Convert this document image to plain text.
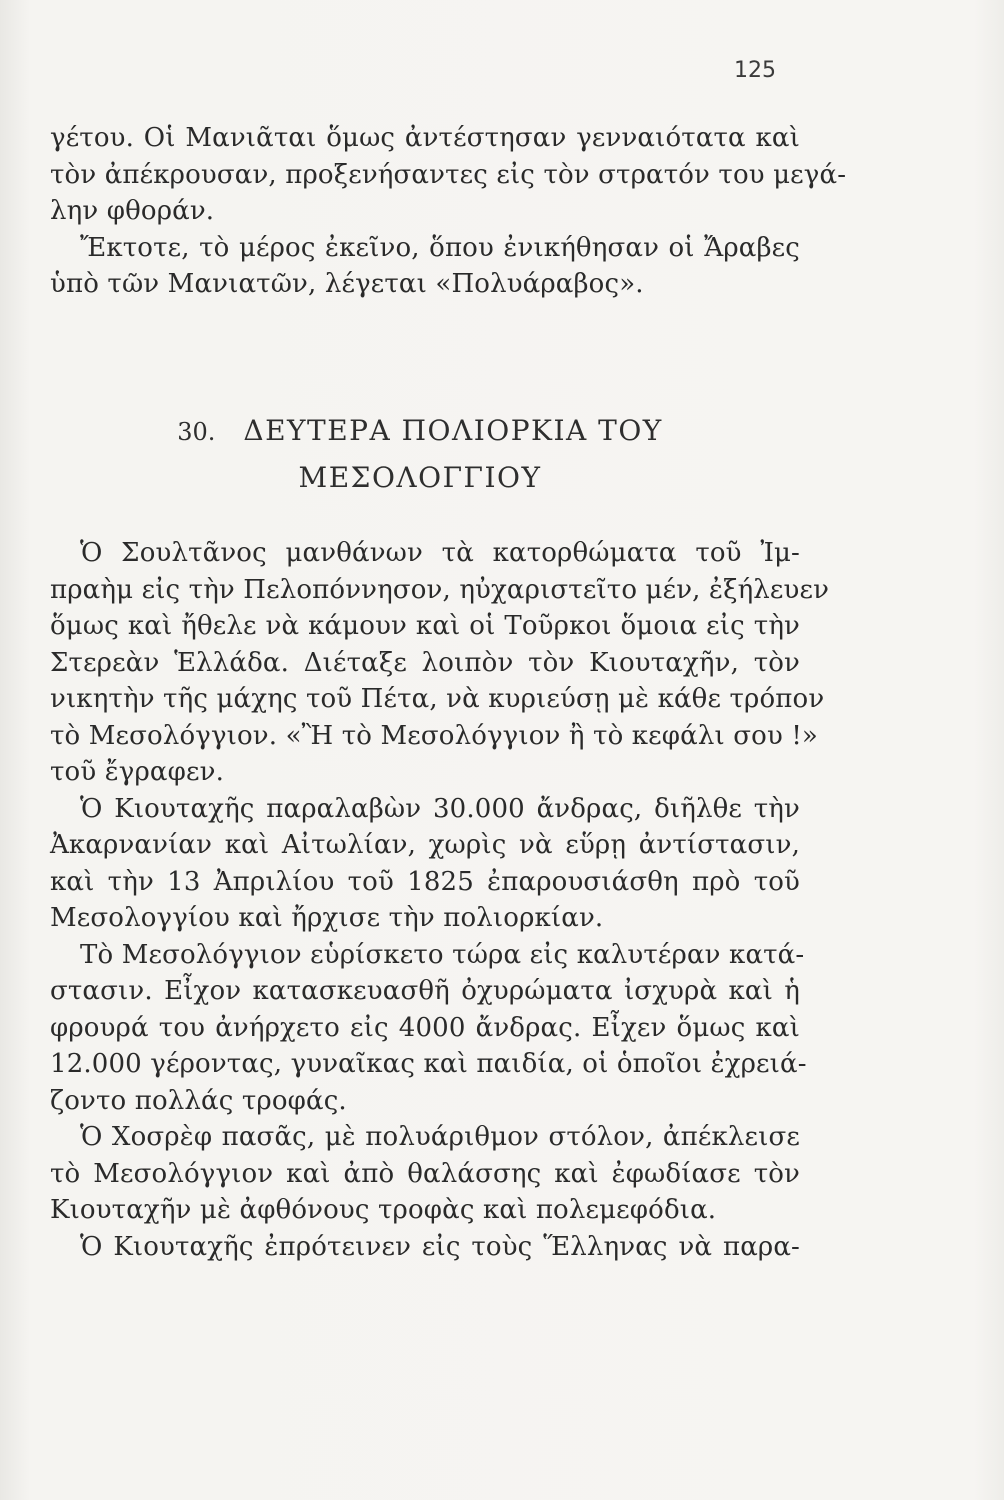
125
γέτου. Οἱ Μανιᾶται ὅμως ἀντέστησαν γενναιότατα καὶ
τὸν ἀπέκρουσαν, προξενήσαντες εἰς τὸν στρατόν του μεγά-
λην φθοράν.
Ἔκτοτε, τὸ μέρος ἐκεῖνο, ὅπου ἐνικήθησαν οἱ Ἄραβες
ὑπὸ τῶν Μανιατῶν, λέγεται «Πολυάραβος».
30. ΔΕΥΤΕΡΑ ΠΟΛΙΟΡΚΙΑ ΤΟΥ
ΜΕΣΟΛΟΓΓΙΟΥ
Ὁ Σουλτᾶνος μανθάνων τὰ κατορθώματα τοῦ Ἰμ-
πραὴμ εἰς τὴν Πελοπόννησον, ηὐχαριστεῖτο μέν, ἐξήλευεν
ὅμως καὶ ἤθελε νὰ κάμουν καὶ οἱ Τοῦρκοι ὅμοια εἰς τὴν
Στερεὰν Ἑλλάδα. Διέταξε λοιπὸν τὸν Κιουταχῆν, τὸν
νικητὴν τῆς μάχης τοῦ Πέτα, νὰ κυριεύσῃ μὲ κάθε τρόπον
τὸ Μεσολόγγιον. «Ἢ τὸ Μεσολόγγιον ἢ τὸ κεφάλι σου !»
τοῦ ἔγραφεν.
Ὁ Κιουταχῆς παραλαβὼν 30.000 ἄνδρας, διῆλθε τὴν
Ἀκαρνανίαν καὶ Αἰτωλίαν, χωρὶς νὰ εὕρῃ ἀντίστασιν,
καὶ τὴν 13 Ἀπριλίου τοῦ 1825 ἐπαρουσιάσθη πρὸ τοῦ
Μεσολογγίου καὶ ἤρχισε τὴν πολιορκίαν.
Τὸ Μεσολόγγιον εὑρίσκετο τώρα εἰς καλυτέραν κατά-
στασιν. Εἶχον κατασκευασθῆ ὀχυρώματα ἰσχυρὰ καὶ ἡ
φρουρά του ἀνήρχετο εἰς 4000 ἄνδρας. Εἶχεν ὅμως καὶ
12.000 γέροντας, γυναῖκας καὶ παιδία, οἱ ὁποῖοι ἐχρειά-
ζοντο πολλάς τροφάς.
Ὁ Χοσρὲφ πασᾶς, μὲ πολυάριθμον στόλον, ἀπέκλεισε
τὸ Μεσολόγγιον καὶ ἀπὸ θαλάσσης καὶ ἐφωδίασε τὸν
Κιουταχῆν μὲ ἀφθόνους τροφὰς καὶ πολεμεφόδια.
Ὁ Κιουταχῆς ἐπρότεινεν εἰς τοὺς Ἕλληνας νὰ παρα-
